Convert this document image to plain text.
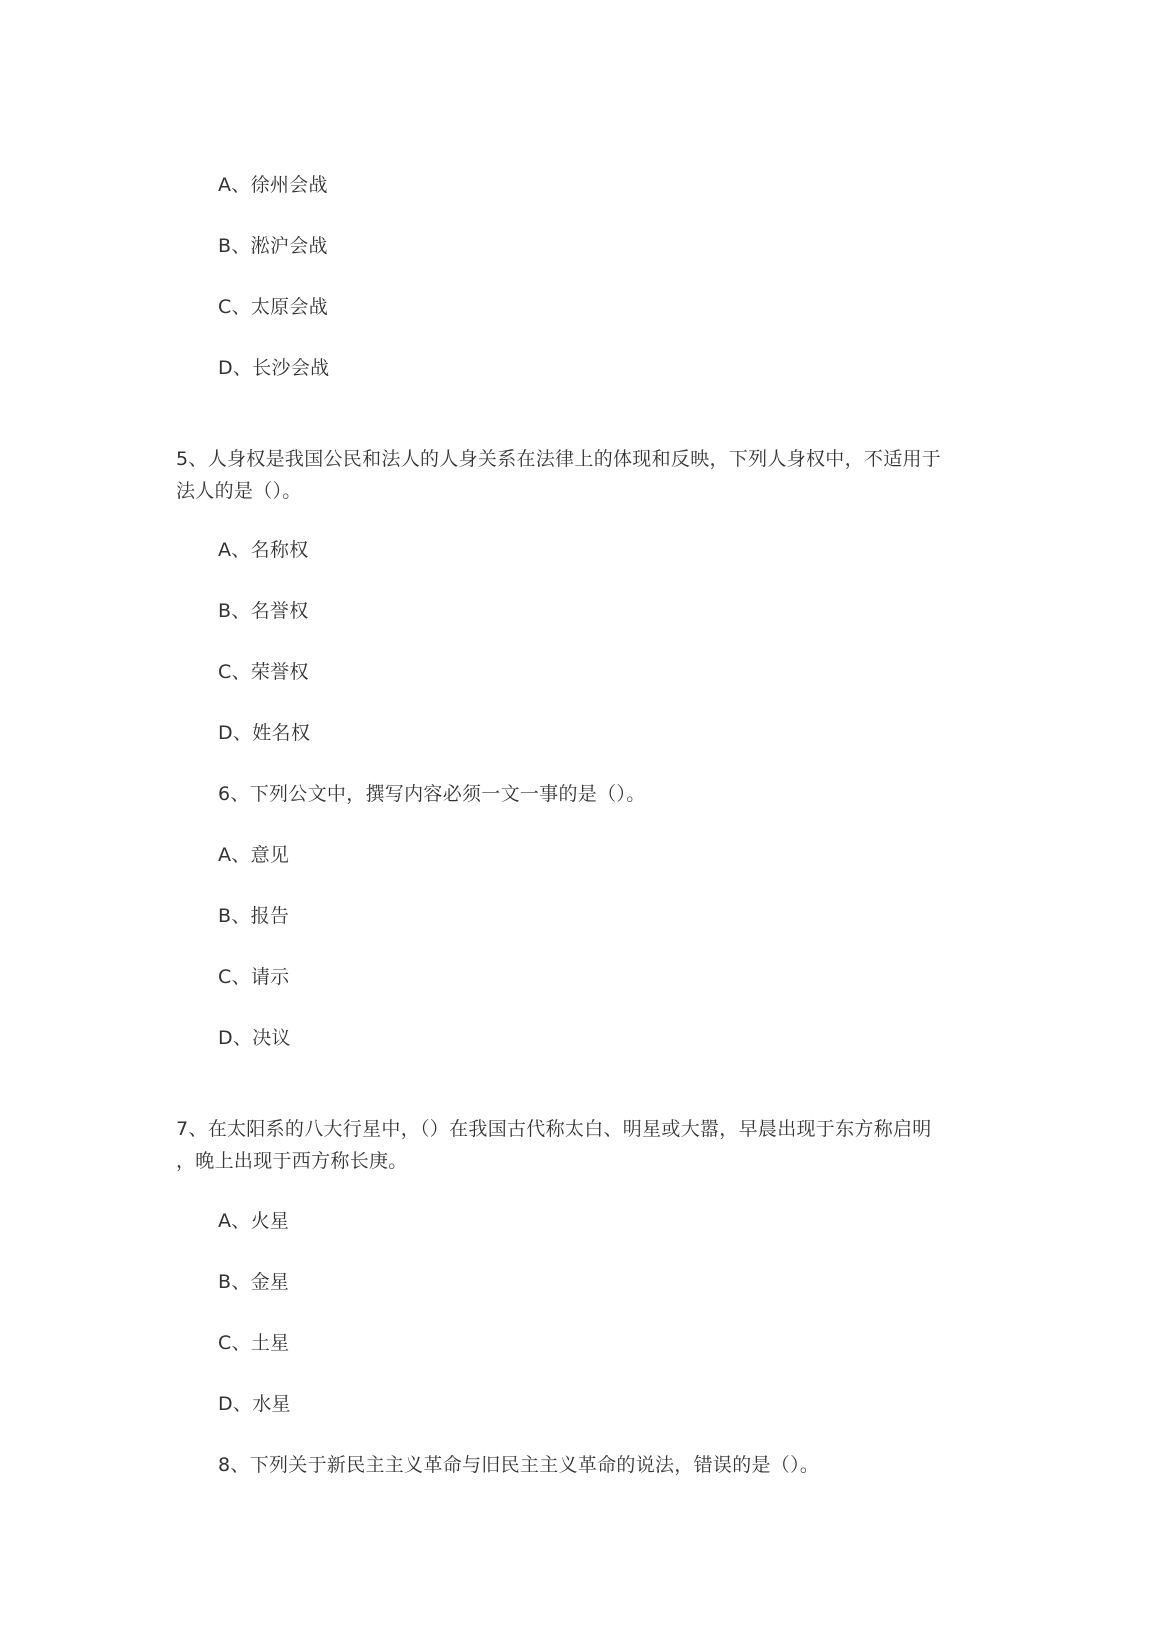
A、徐州会战
B、淞沪会战
C、太原会战
D、长沙会战
5、人身权是我国公民和法人的人身关系在法律上的体现和反映，下列人身权中，不适用于
法人的是（）。
A、名称权
B、名誉权
C、荣誉权
D、姓名权
6、下列公文中，撰写内容必须一文一事的是（）。
A、意见
B、报告
C、请示
D、决议
7、在太阳系的八大行星中，（）在我国古代称太白、明星或大嚣，早晨出现于东方称启明
，晚上出现于西方称长庚。
A、火星
B、金星
C、土星
D、水星
8、下列关于新民主主义革命与旧民主主义革命的说法，错误的是（）。
